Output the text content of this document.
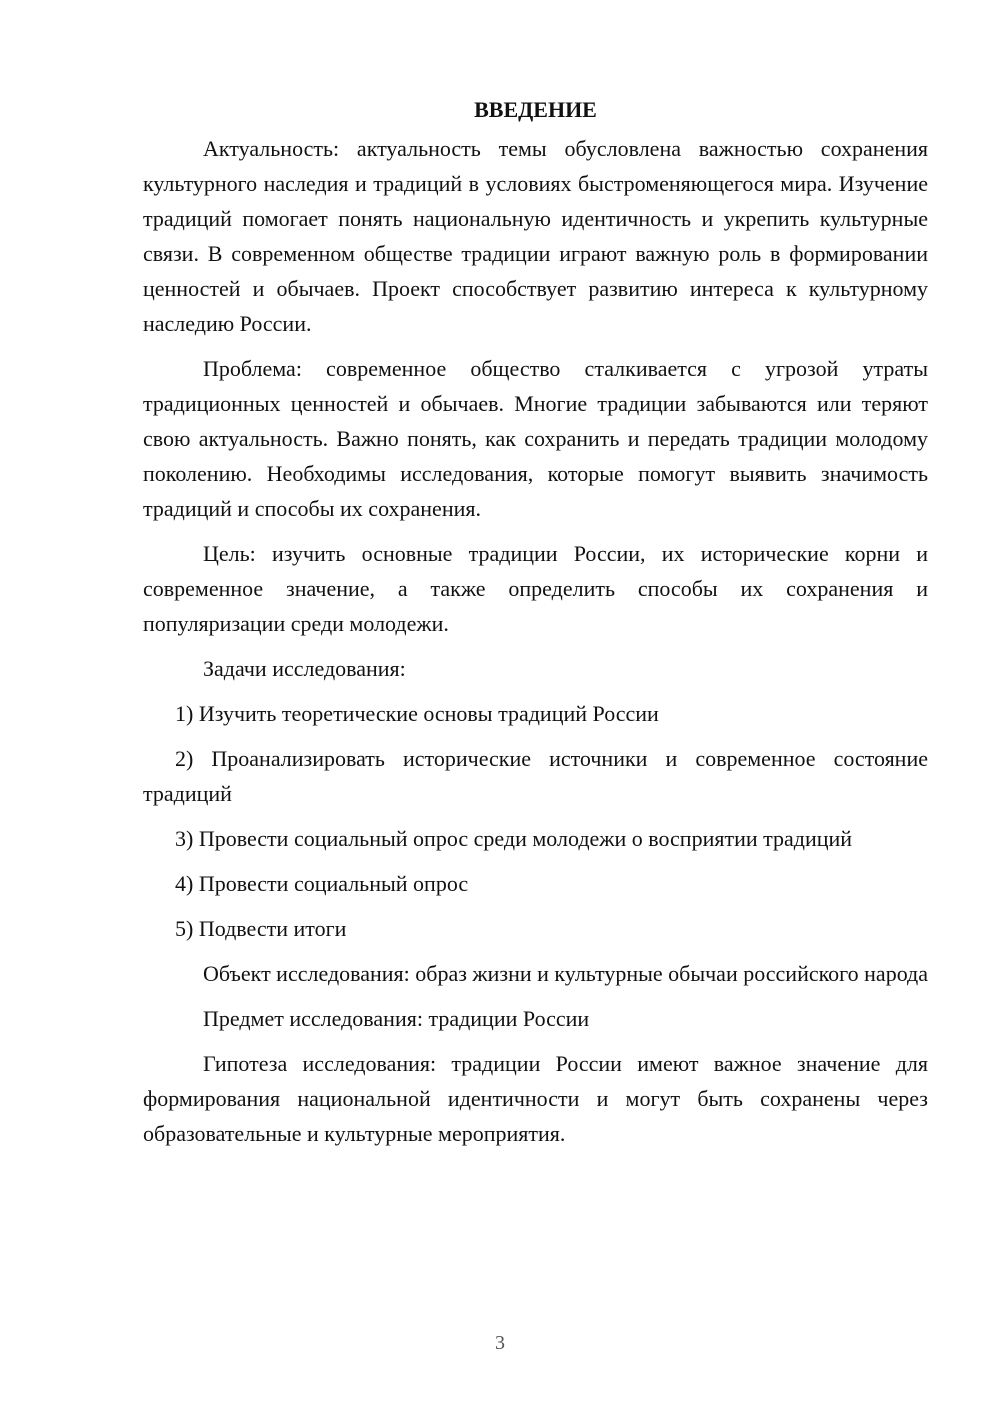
ВВЕДЕНИЕ

Актуальность: актуальность темы обусловлена важностью сохранения культурного наследия и традиций в условиях быстроменяющегося мира. Изучение традиций помогает понять национальную идентичность и укрепить культурные связи. В современном обществе традиции играют важную роль в формировании ценностей и обычаев. Проект способствует развитию интереса к культурному наследию России.

Проблема: современное общество сталкивается с угрозой утраты традиционных ценностей и обычаев. Многие традиции забываются или теряют свою актуальность. Важно понять, как сохранить и передать традиции молодому поколению. Необходимы исследования, которые помогут выявить значимость традиций и способы их сохранения.

Цель: изучить основные традиции России, их исторические корни и современное значение, а также определить способы их сохранения и популяризации среди молодежи.

Задачи исследования:

1) Изучить теоретические основы традиций России

2) Проанализировать исторические источники и современное состояние традиций

3) Провести социальный опрос среди молодежи о восприятии традиций

4) Провести социальный опрос

5) Подвести итоги

Объект исследования: образ жизни и культурные обычаи российского народа

Предмет исследования: традиции России

Гипотеза исследования: традиции России имеют важное значение для формирования национальной идентичности и могут быть сохранены через образовательные и культурные мероприятия.

3
